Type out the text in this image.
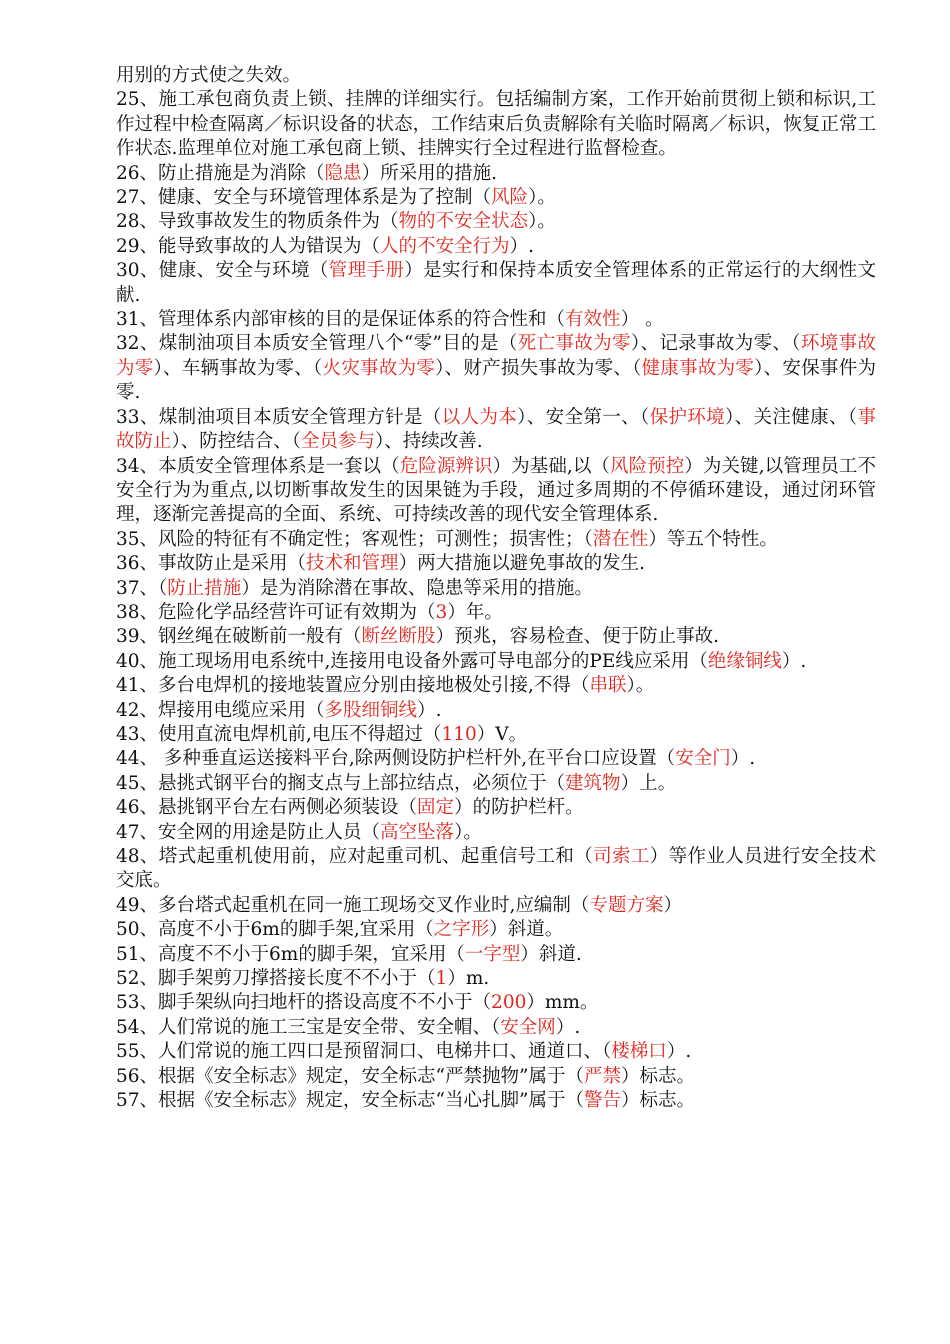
用别的方式使之失效。

25、施工承包商负责上锁、挂牌的详细实行。包括编制方案，工作开始前贯彻上锁和标识,工作过程中检查隔离／标识设备的状态，工作结束后负责解除有关临时隔离／标识，恢复正常工作状态.监理单位对施工承包商上锁、挂牌实行全过程进行监督检查。

26、防止措施是为消除（隐患）所采用的措施.

27、健康、安全与环境管理体系是为了控制（风险）。

28、导致事故发生的物质条件为（物的不安全状态）。

29、能导致事故的人为错误为（人的不安全行为）.

30、健康、安全与环境（管理手册）是实行和保持本质安全管理体系的正常运行的大纲性文献.

31、管理体系内部审核的目的是保证体系的符合性和（有效性） 。

32、煤制油项目本质安全管理八个“零”目的是（死亡事故为零）、记录事故为零、（环境事故为零）、车辆事故为零、（火灾事故为零）、财产损失事故为零、（健康事故为零）、安保事件为零.

33、煤制油项目本质安全管理方针是（以人为本）、安全第一、（保护环境）、关注健康、（事故防止）、防控结合、（全员参与）、持续改善.

34、本质安全管理体系是一套以（危险源辨识）为基础,以（风险预控）为关键,以管理员工不安全行为为重点,以切断事故发生的因果链为手段，通过多周期的不停循环建设，通过闭环管理，逐渐完善提高的全面、系统、可持续改善的现代安全管理体系.

35、风险的特征有不确定性；客观性；可测性；损害性；（潜在性）等五个特性。

36、事故防止是采用（技术和管理）两大措施以避免事故的发生.

37、（防止措施）是为消除潜在事故、隐患等采用的措施。

38、危险化学品经营许可证有效期为（3）年。

39、钢丝绳在破断前一般有（断丝断股）预兆，容易检查、便于防止事故.

40、施工现场用电系统中,连接用电设备外露可导电部分的PE线应采用（绝缘铜线）.

41、多台电焊机的接地装置应分别由接地极处引接,不得（串联）。

42、焊接用电缆应采用（多股细铜线）.

43、使用直流电焊机前,电压不得超过（110）V。

44、 多种垂直运送接料平台,除两侧设防护栏杆外,在平台口应设置（安全门）.

45、悬挑式钢平台的搁支点与上部拉结点，必须位于（建筑物）上。

46、悬挑钢平台左右两侧必须装设（固定）的防护栏杆。

47、安全网的用途是防止人员（高空坠落）。

48、塔式起重机使用前，应对起重司机、起重信号工和（司索工）等作业人员进行安全技术交底。

49、多台塔式起重机在同一施工现场交叉作业时,应编制（专题方案）

50、高度不小于6m的脚手架,宜采用（之字形）斜道。

51、高度不不小于6m的脚手架，宜采用（一字型）斜道.

52、脚手架剪刀撑搭接长度不不小于（1）m.

53、脚手架纵向扫地杆的搭设高度不不小于（200）mm。

54、人们常说的施工三宝是安全带、安全帽、（安全网）.

55、人们常说的施工四口是预留洞口、电梯井口、通道口、（楼梯口）.

56、根据《安全标志》规定，安全标志“严禁抛物”属于（严禁）标志。

57、根据《安全标志》规定，安全标志“当心扎脚”属于（警告）标志。
